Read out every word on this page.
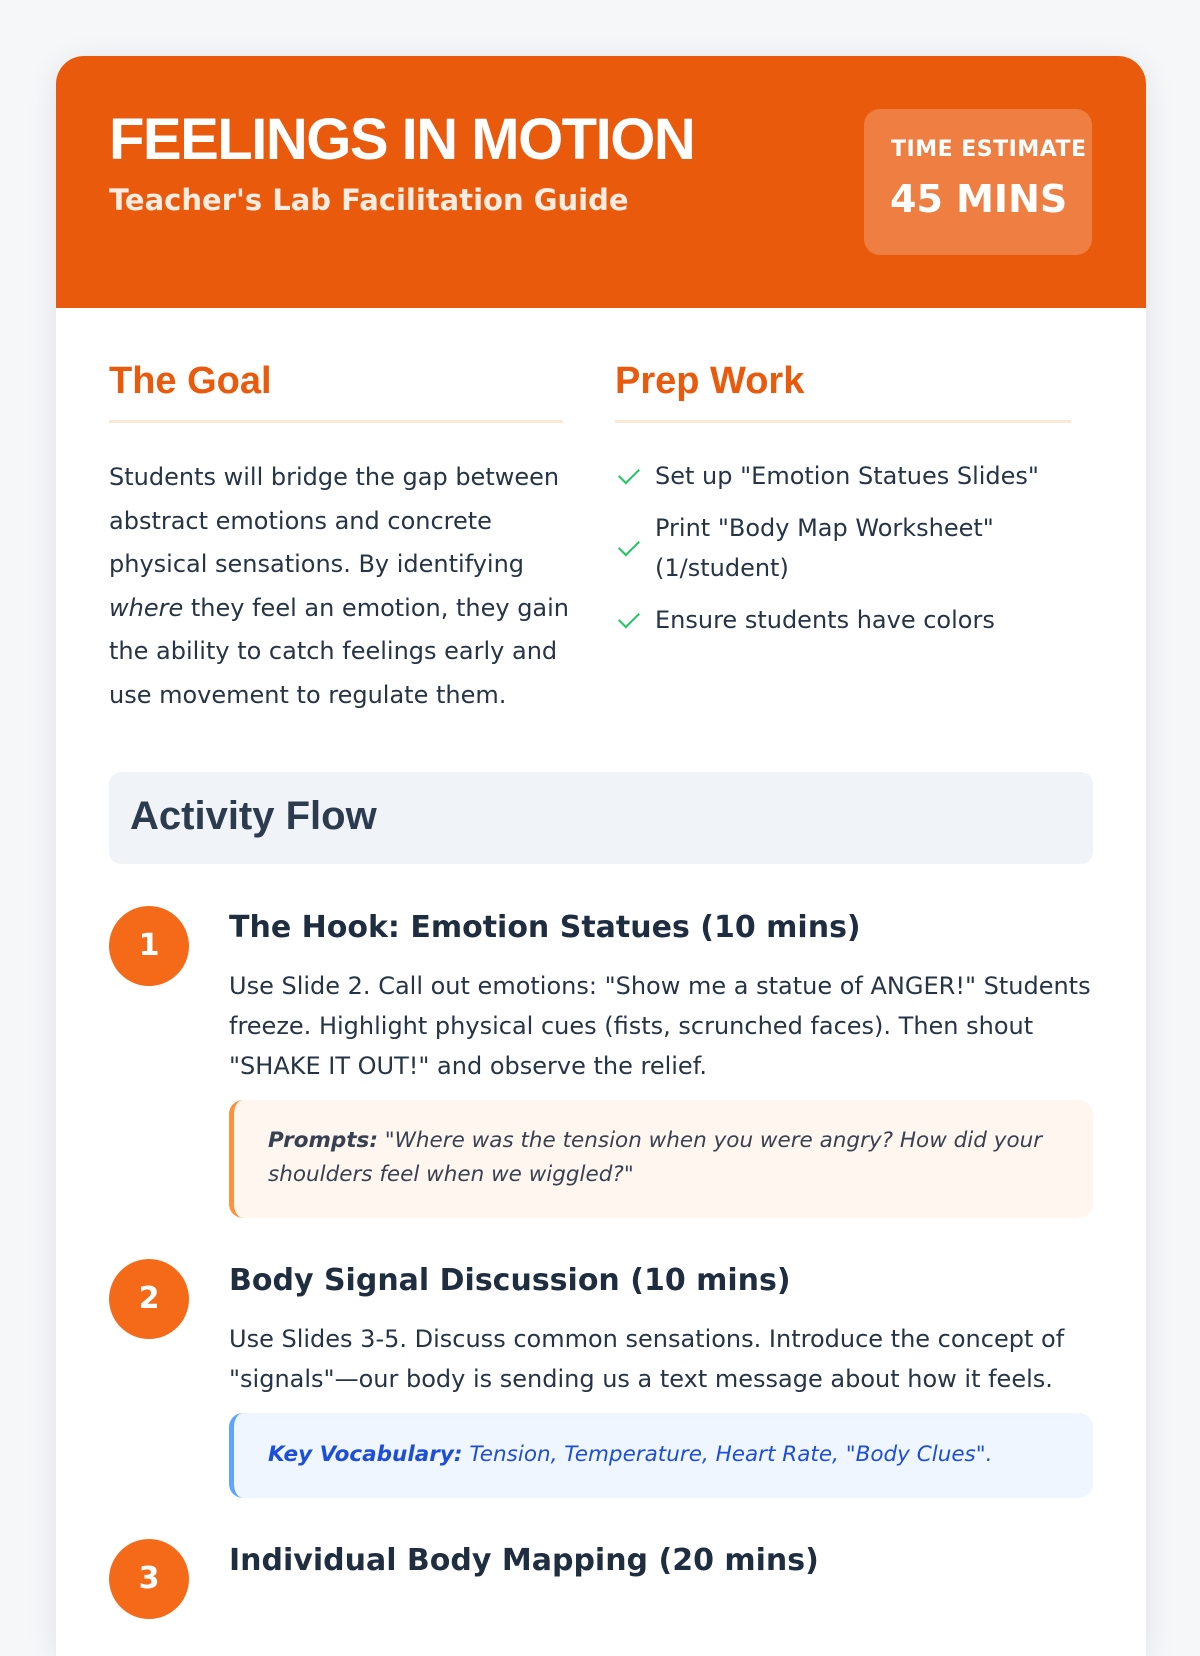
FEELINGS IN MOTION
Teacher's Lab Facilitation Guide
TIME ESTIMATE
45 MINS
The Goal
Students will bridge the gap between abstract emotions and concrete physical sensations. By identifying where they feel an emotion, they gain the ability to catch feelings early and use movement to regulate them.
Prep Work
Set up "Emotion Statues Slides"
Print "Body Map Worksheet" (1/student)
Ensure students have colors
Activity Flow
1
The Hook: Emotion Statues (10 mins)
Use Slide 2. Call out emotions: "Show me a statue of ANGER!" Students freeze. Highlight physical cues (fists, scrunched faces). Then shout "SHAKE IT OUT!" and observe the relief.
Prompts: "Where was the tension when you were angry? How did your shoulders feel when we wiggled?"
2
Body Signal Discussion (10 mins)
Use Slides 3-5. Discuss common sensations. Introduce the concept of "signals"—our body is sending us a text message about how it feels.
Key Vocabulary: Tension, Temperature, Heart Rate, "Body Clues".
3
Individual Body Mapping (20 mins)
